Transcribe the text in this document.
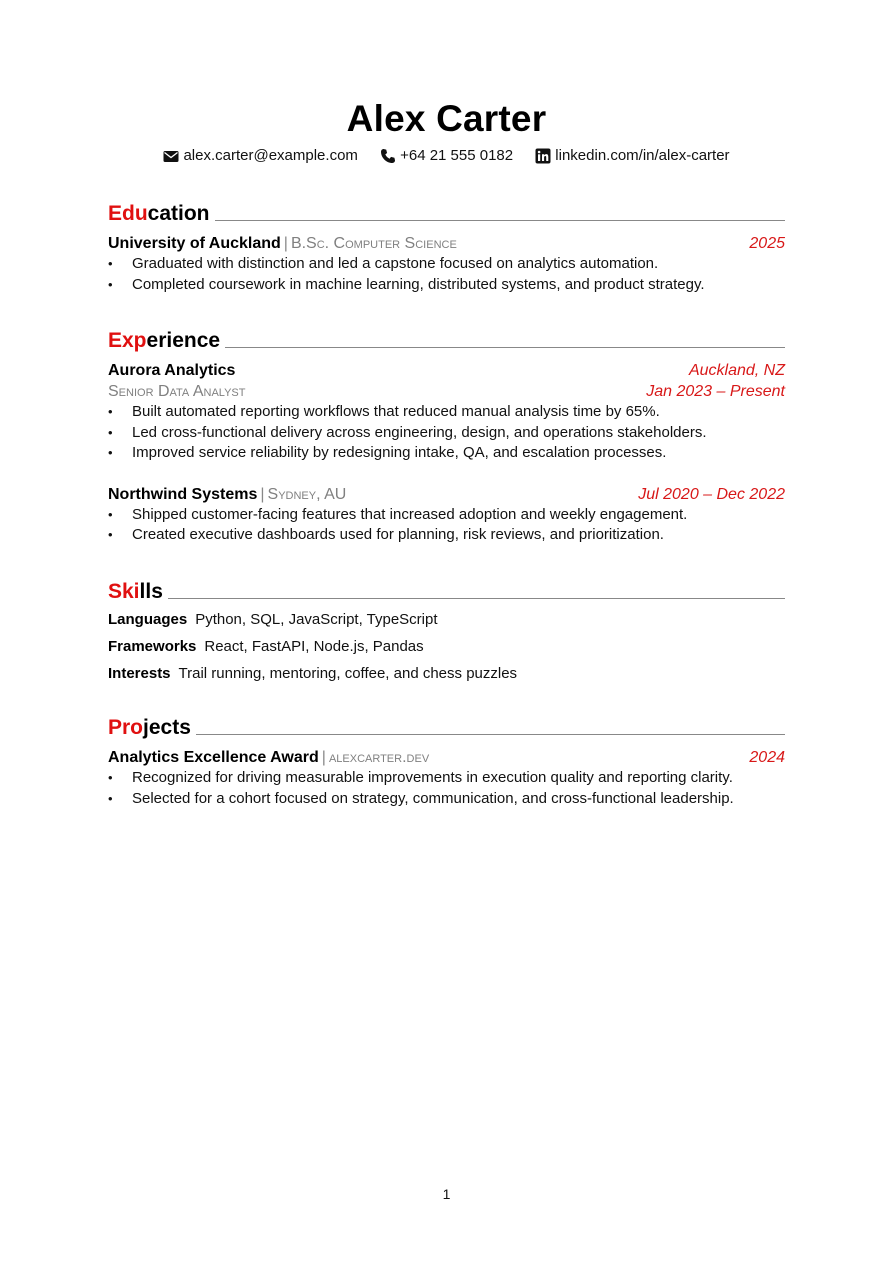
Alex Carter
alex.carter@example.com
	+64 21 555 0182
	linkedin.com/in/alex-carter
Education
University of Auckland | B.Sc. Computer Science	2025
• Graduated with distinction and led a capstone focused on analytics automation.
• Completed coursework in machine learning, distributed systems, and product strategy.
Experience
Aurora Analytics	Auckland, NZ
Senior Data Analyst	Jan 2023 – Present
• Built automated reporting workflows that reduced manual analysis time by 65%.
• Led cross-functional delivery across engineering, design, and operations stakeholders.
• Improved service reliability by redesigning intake, QA, and escalation processes.
Northwind Systems | Sydney, AU	Jul 2020 – Dec 2022
• Shipped customer-facing features that increased adoption and weekly engagement.
• Created executive dashboards used for planning, risk reviews, and prioritization.
Skills
Languages Python, SQL, JavaScript, TypeScript
Frameworks React, FastAPI, Node.js, Pandas
Interests Trail running, mentoring, coffee, and chess puzzles
Projects
Analytics Excellence Award | alexcarter.dev	2024
• Recognized for driving measurable improvements in execution quality and reporting clarity.
• Selected for a cohort focused on strategy, communication, and cross-functional leadership.
1
